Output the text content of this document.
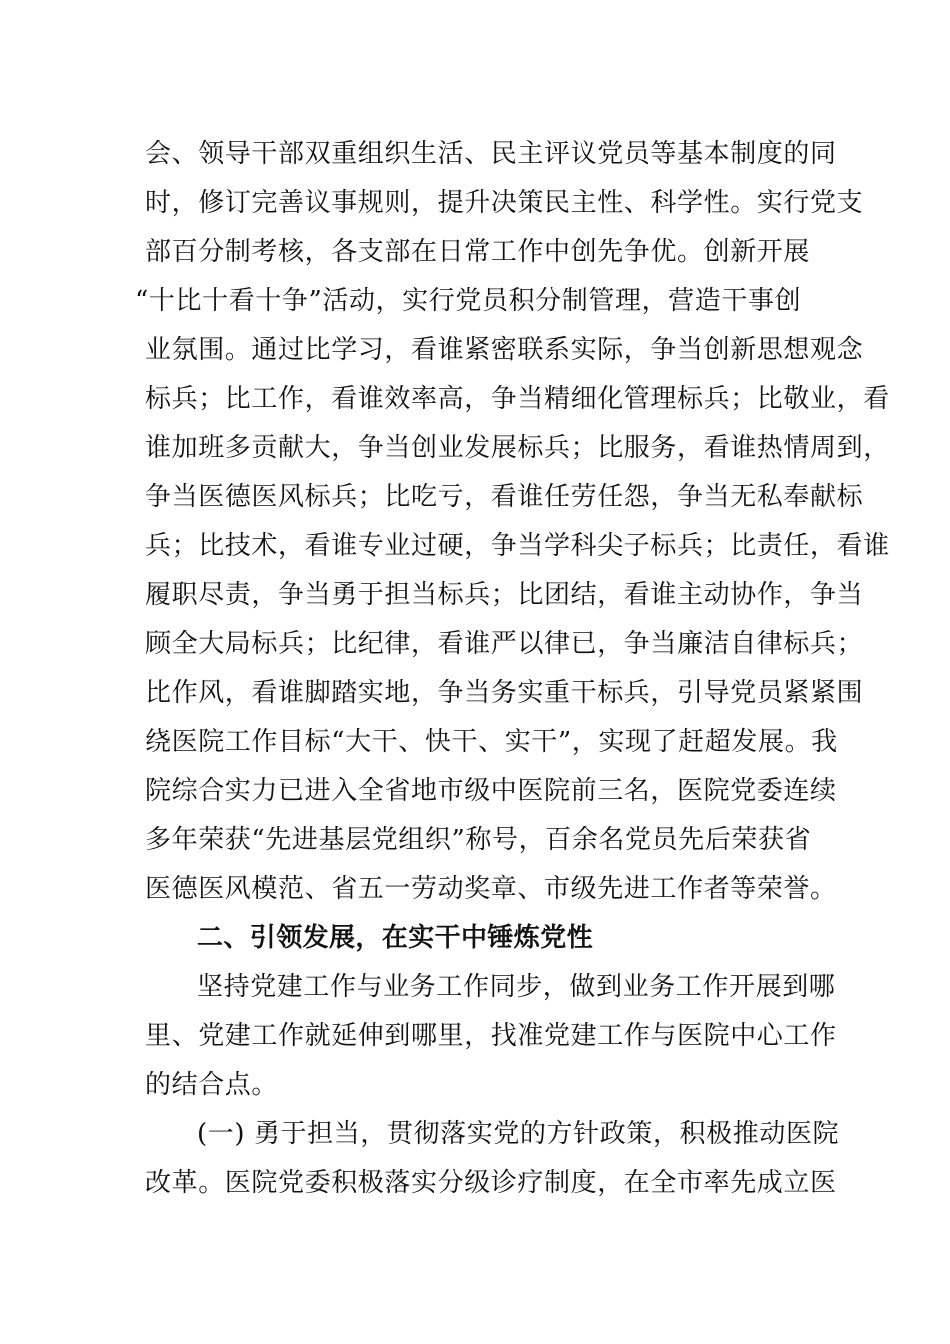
会、领导干部双重组织生活、民主评议党员等基本制度的同
时，修订完善议事规则，提升决策民主性、科学性。实行党支
部百分制考核，各支部在日常工作中创先争优。创新开展
“十比十看十争”活动，实行党员积分制管理，营造干事创
业氛围。通过比学习，看谁紧密联系实际，争当创新思想观念
标兵；比工作，看谁效率高，争当精细化管理标兵；比敬业，看
谁加班多贡献大，争当创业发展标兵；比服务，看谁热情周到，
争当医德医风标兵；比吃亏，看谁任劳任怨，争当无私奉献标
兵；比技术，看谁专业过硬，争当学科尖子标兵；比责任，看谁
履职尽责，争当勇于担当标兵；比团结，看谁主动协作，争当
顾全大局标兵；比纪律，看谁严以律已，争当廉洁自律标兵；
比作风，看谁脚踏实地，争当务实重干标兵，引导党员紧紧围
绕医院工作目标“大干、快干、实干”，实现了赶超发展。我
院综合实力已进入全省地市级中医院前三名，医院党委连续
多年荣获“先进基层党组织”称号，百余名党员先后荣获省
医德医风模范、省五一劳动奖章、市级先进工作者等荣誉。
二、引领发展，在实干中锤炼党性
坚持党建工作与业务工作同步，做到业务工作开展到哪
里、党建工作就延伸到哪里，找准党建工作与医院中心工作
的结合点。
(一) 勇于担当，贯彻落实党的方针政策，积极推动医院
改革。医院党委积极落实分级诊疗制度，在全市率先成立医
